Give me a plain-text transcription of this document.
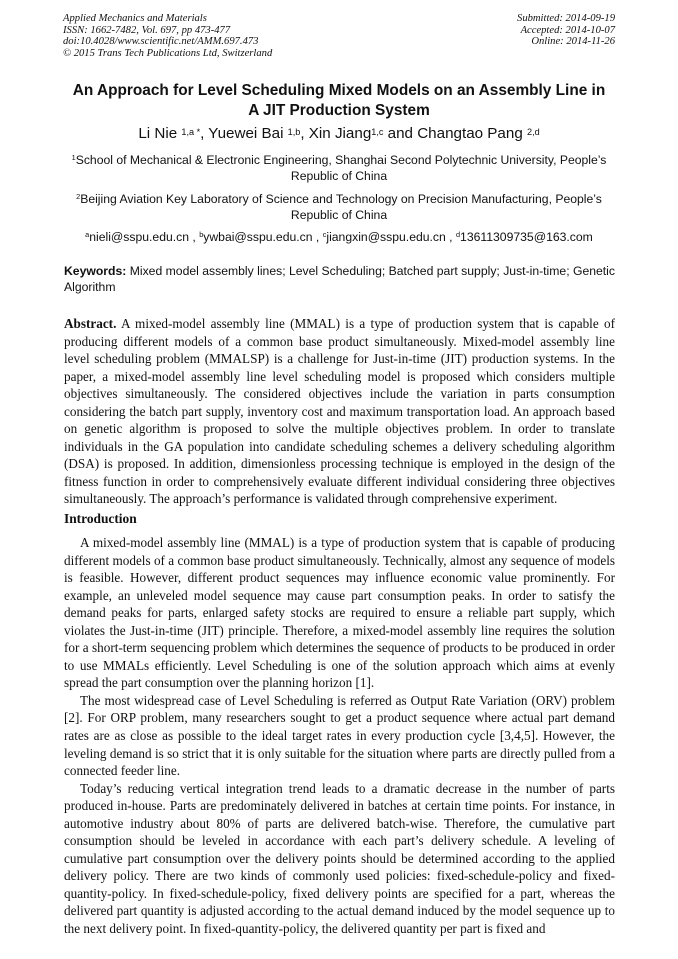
Applied Mechanics and Materials
ISSN: 1662-7482, Vol. 697, pp 473-477
doi:10.4028/www.scientific.net/AMM.697.473
© 2015 Trans Tech Publications Ltd, Switzerland
Submitted: 2014-09-19
Accepted: 2014-10-07
Online: 2014-11-26
An Approach for Level Scheduling Mixed Models on an Assembly Line in
A JIT Production System
Li Nie $^{1,a *}$, Yuewei Bai $^{1,b}$, Xin Jiang$^{1,c}$ and Changtao Pang $^{2,d}$
$^1$School of Mechanical & Electronic Engineering, Shanghai Second Polytechnic University, People’s
Republic of China
$^2$Beijing Aviation Key Laboratory of Science and Technology on Precision Manufacturing, People’s
Republic of China
$^a$nieli@sspu.edu.cn , $^b$ywbai@sspu.edu.cn , $^c$jiangxin@sspu.edu.cn , $^d$13611309735@163.com
Keywords: Mixed model assembly lines; Level Scheduling; Batched part supply; Just-in-time; Genetic Algorithm
Abstract. A mixed-model assembly line (MMAL) is a type of production system that is capable of producing different models of a common base product simultaneously. Mixed-model assembly line level scheduling problem (MMALSP) is a challenge for Just-in-time (JIT) production systems. In the paper, a mixed-model assembly line level scheduling model is proposed which considers multiple objectives simultaneously. The considered objectives include the variation in parts consumption considering the batch part supply, inventory cost and maximum transportation load. An approach based on genetic algorithm is proposed to solve the multiple objectives problem. In order to translate individuals in the GA population into candidate scheduling schemes a delivery scheduling algorithm (DSA) is proposed. In addition, dimensionless processing technique is employed in the design of the fitness function in order to comprehensively evaluate different individual considering three objectives simultaneously. The approach’s performance is validated through comprehensive experiment.
Introduction

A mixed-model assembly line (MMAL) is a type of production system that is capable of producing different models of a common base product simultaneously. Technically, almost any sequence of models is feasible. However, different product sequences may influence economic value prominently. For example, an unleveled model sequence may cause part consumption peaks. In order to satisfy the demand peaks for parts, enlarged safety stocks are required to ensure a reliable part supply, which violates the Just-in-time (JIT) principle. Therefore, a mixed-model assembly line requires the solution for a short-term sequencing problem which determines the sequence of products to be produced in order to use MMALs efficiently. Level Scheduling is one of the solution approach which aims at evenly spread the part consumption over the planning horizon [1].

The most widespread case of Level Scheduling is referred as Output Rate Variation (ORV) problem [2]. For ORP problem, many researchers sought to get a product sequence where actual part demand rates are as close as possible to the ideal target rates in every production cycle [3,4,5]. However, the leveling demand is so strict that it is only suitable for the situation where parts are directly pulled from a connected feeder line.

Today’s reducing vertical integration trend leads to a dramatic decrease in the number of parts produced in-house. Parts are predominately delivered in batches at certain time points. For instance, in automotive industry about 80% of parts are delivered batch-wise. Therefore, the cumulative part consumption should be leveled in accordance with each part’s delivery schedule. A leveling of cumulative part consumption over the delivery points should be determined according to the applied delivery policy. There are two kinds of commonly used policies: fixed-schedule-policy and fixed-quantity-policy. In fixed-schedule-policy, fixed delivery points are specified for a part, whereas the delivered part quantity is adjusted according to the actual demand induced by the model sequence up to the next delivery point. In fixed-quantity-policy, the delivered quantity per part is fixed and
